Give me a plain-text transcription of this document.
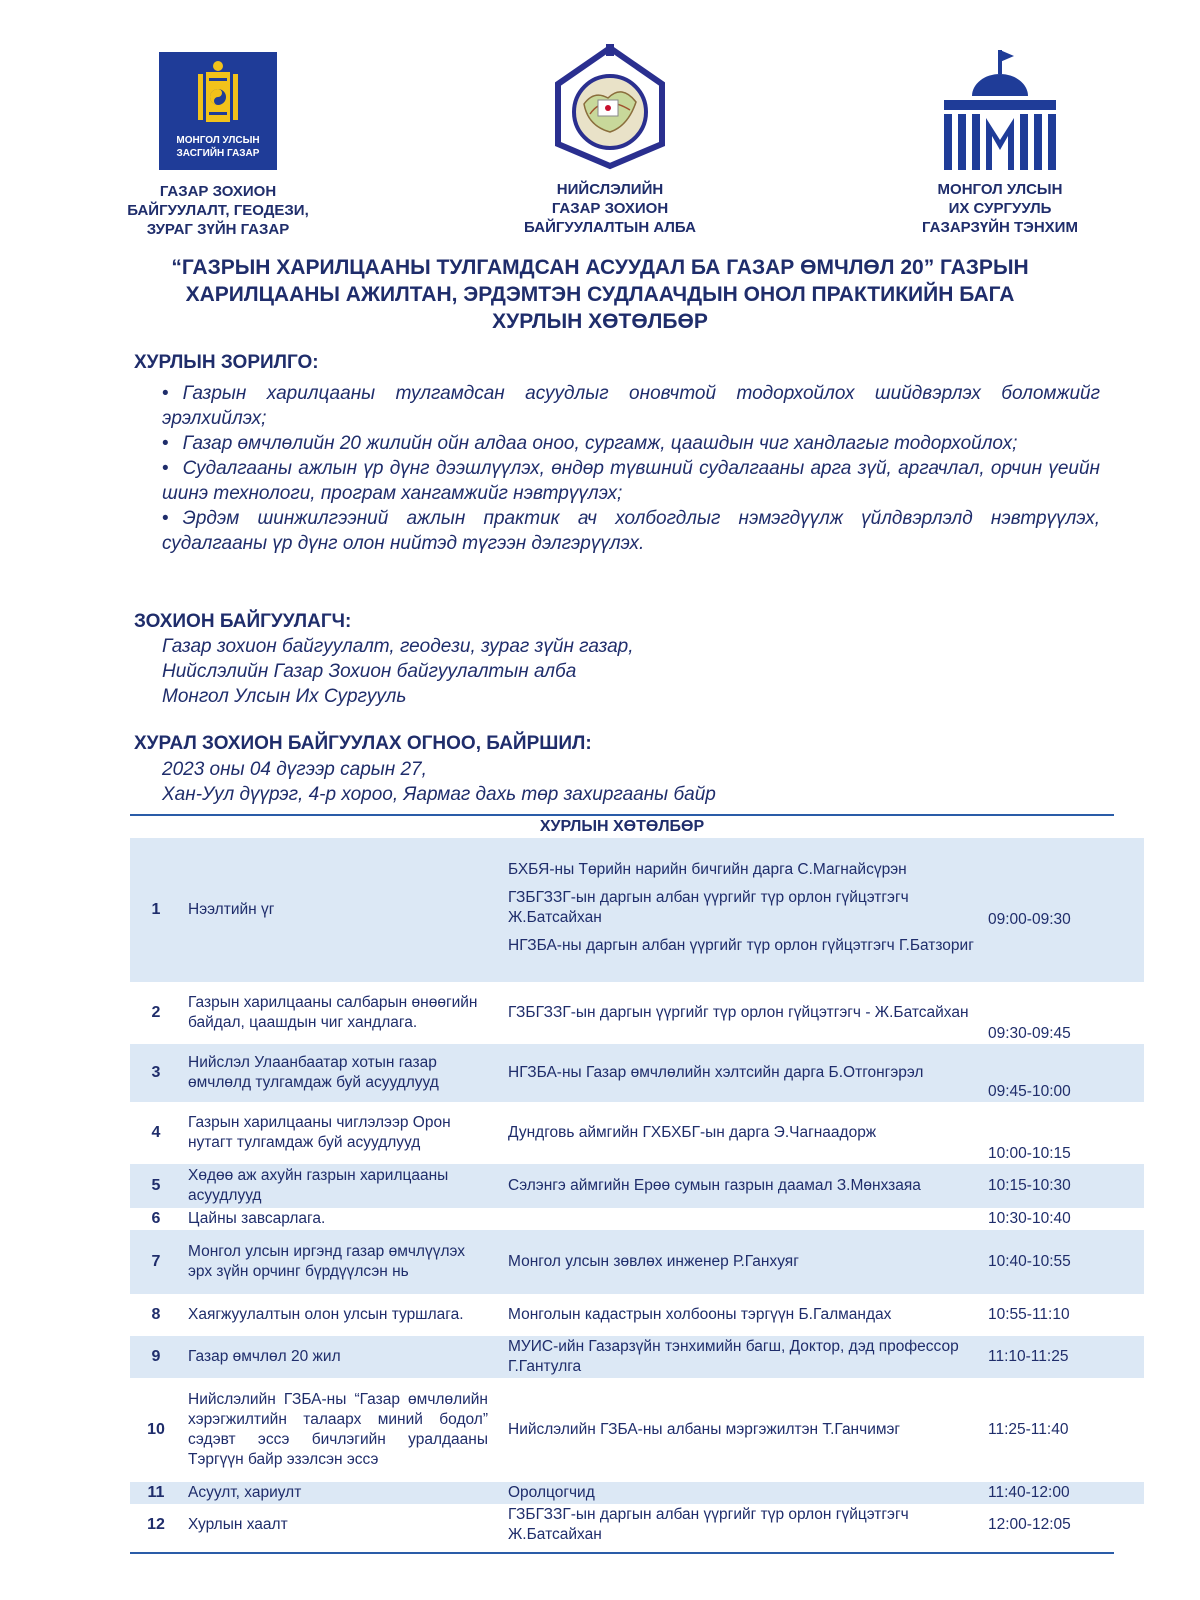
МОНГОЛ УЛСЫН
ЗАСГИЙН ГАЗАР
ГАЗАР ЗОХИОН
БАЙГУУЛАЛТ, ГЕОДЕЗИ,
ЗУРАГ ЗҮЙН ГАЗАР
НИЙСЛЭЛИЙН
ГАЗАР ЗОХИОН
БАЙГУУЛАЛТЫН АЛБА
МОНГОЛ УЛСЫН
ИХ СУРГУУЛЬ
ГАЗАРЗҮЙН ТЭНХИМ
“ГАЗРЫН ХАРИЛЦААНЫ ТУЛГАМДСАН АСУУДАЛ БА ГАЗАР ӨМЧЛӨЛ 20” ГАЗРЫН ХАРИЛЦААНЫ АЖИЛТАН, ЭРДЭМТЭН СУДЛААЧДЫН ОНОЛ ПРАКТИКИЙН БАГА ХУРЛЫН ХӨТӨЛБӨР
ХУРЛЫН ЗОРИЛГО:

• Газрын харилцааны тулгамдсан асуудлыг оновчтой тодорхойлох шийдвэрлэх боломжийг эрэлхийлэх;

• Газар өмчлөлийн 20 жилийн ойн алдаа оноо, сургамж, цаашдын чиг хандлагыг тодорхойлох;

• Судалгааны ажлын үр дүнг дээшлүүлэх, өндөр түвшний судалгааны арга зүй, аргачлал, орчин үеийн шинэ технологи, програм хангамжийг нэвтрүүлэх;

• Эрдэм шинжилгээний ажлын практик ач холбогдлыг нэмэгдүүлж үйлдвэрлэлд нэвтрүүлэх, судалгааны үр дүнг олон нийтэд түгээн дэлгэрүүлэх.

ЗОХИОН БАЙГУУЛАГЧ:
Газар зохион байгуулалт, геодези, зураг зүйн газар,
Нийслэлийн Газар Зохион байгуулалтын алба
Монгол Улсын Их Сургууль
ХУРАЛ ЗОХИОН БАЙГУУЛАХ ОГНОО, БАЙРШИЛ:
2023 оны 04 дүгээр сарын 27,
Хан-Уул дүүрэг, 4-р хороо, Яармаг дахь төр захиргааны байр
ХУРЛЫН ХӨТӨЛБӨР
1	Нээлтийн үг	БХБЯ-ны Төрийн нарийн бичгийн дарга С.Магнайсүрэн
ГЗБГЗЗГ-ын даргын албан үүргийг түр орлон гүйцэтгэгч Ж.Батсайхан
НГЗБА-ны даргын албан үүргийг түр орлон гүйцэтгэгч Г.Батзориг	09:00-09:30
2	Газрын харилцааны салбарын өнөөгийн байдал, цаашдын чиг хандлага.	ГЗБГЗЗГ-ын даргын үүргийг түр орлон гүйцэтгэгч - Ж.Батсайхан	09:30-09:45
3	Нийслэл Улаанбаатар хотын газар өмчлөлд тулгамдаж буй асуудлууд	НГЗБА-ны Газар өмчлөлийн хэлтсийн дарга Б.Отгонгэрэл	09:45-10:00
4	Газрын харилцааны чиглэлээр Орон нутагт тулгамдаж буй асуудлууд	Дундговь аймгийн ГХБХБГ-ын дарга Э.Чагнаадорж	10:00-10:15
5	Хөдөө аж ахуйн газрын харилцааны асуудлууд	Сэлэнгэ аймгийн Ерөө сумын газрын даамал З.Мөнхзаяа	10:15-10:30
6	Цайны завсарлага.		10:30-10:40
7	Монгол улсын иргэнд газар өмчлүүлэх эрх зүйн орчинг бүрдүүлсэн нь	Монгол улсын зөвлөх инженер Р.Ганхуяг	10:40-10:55
8	Хаягжуулалтын олон улсын туршлага.	Монголын кадастрын холбооны тэргүүн Б.Галмандах	10:55-11:10
9	Газар өмчлөл 20 жил	МУИС-ийн Газарзүйн тэнхимийн багш, Доктор, дэд профессор Г.Гантулга	11:10-11:25
10	Нийслэлийн ГЗБА-ны “Газар өмчлөлийн хэрэгжилтийн талаарх миний бодол” сэдэвт эссэ бичлэгийн уралдааны Тэргүүн байр эзэлсэн эссэ	Нийслэлийн ГЗБА-ны албаны мэргэжилтэн Т.Ганчимэг	11:25-11:40
11	Асуулт, хариулт	Оролцогчид	11:40-12:00
12	Хурлын хаалт	ГЗБГЗЗГ-ын даргын албан үүргийг түр орлон гүйцэтгэгч Ж.Батсайхан	12:00-12:05
